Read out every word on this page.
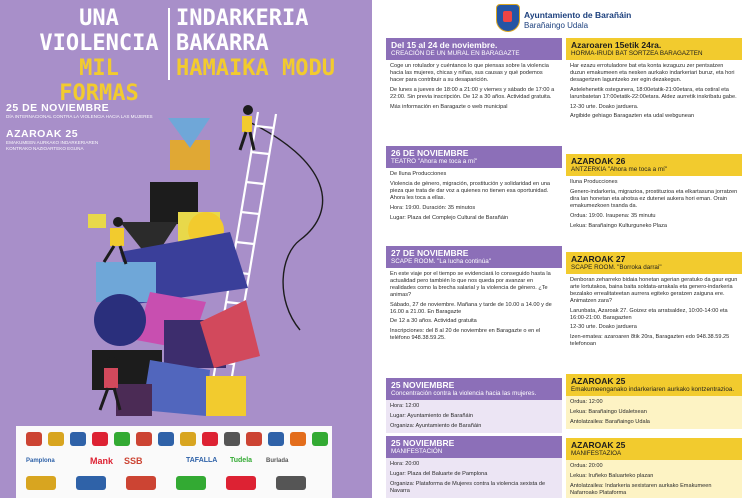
UNA
VIOLENCIA
MIL FORMAS
INDARKERIA
BAKARRA
HAMAIKA MODU
25 DE NOVIEMBRE
DÍA INTERNACIONAL CONTRA LA VIOLENCIA HACIA LAS MUJERES
AZAROAK 25
EMAKUMEEN AURKAKO INDARKERIAREN
KONTRAKO NAZIOARTEKO EGUNA
Pamplona	Mank SSB	TAFALLA Tudela Burlada
Ayuntamiento de Barañáin
Barañaingo Udala
Del 15 al 24 de noviembre.
CREACIÓN DE UN MURAL EN BARAGAZTE

Coge un rotulador y cuéntanos lo que piensas sobre la violencia hacia las mujeres, chicas y niñas, sus causas y qué podemos hacer para contribuir a su desaparición.

De lunes a jueves de 18:00 a 21:00 y viernes y sábado de 17:00 a 22:00. Sin previa inscripción. De 12 a 30 años. Actividad gratuita.

Más información en Baragazte o web municipal

26 DE NOVIEMBRE
TEATRO "Ahora me toca a mí"

De Iluna Producciones

Violencia de género, migración, prostitución y solidaridad en una pieza que trata de dar voz a quienes no tienen esa oportunidad. Ahora les toca a ellas.

Hora: 19:00. Duración: 35 minutos

Lugar: Plaza del Complejo Cultural de Barañáin

27 DE NOVIEMBRE
SCAPE ROOM. "La lucha continúa"

En este viaje por el tiempo se evidenciará lo conseguido hasta la actualidad pero también lo que nos queda por avanzar en realidades como la brecha salarial y la violencia de género. ¿Te animas?

Sábado, 27 de noviembre. Mañana y tarde de 10.00 a 14.00 y de 16.00 a 21.00. En Baragazte

De 12 a 30 años. Actividad gratuita

Inscripciones: del 8 al 20 de noviembre en Baragazte o en el teléfono 948.38.59.25.

25 NOVIEMBRE
Concentración contra la violencia hacia las mujeres.

Hora: 12:00

Lugar: Ayuntamiento de Barañáin

Organiza: Ayuntamiento de Barañáin

25 NOVIEMBRE
MANIFESTACIÓN

Hora: 20:00

Lugar: Plaza del Baluarte de Pamplona

Organiza: Plataforma de Mujeres contra la violencia sexista de Navarra

Azaroaren 15etik 24ra.
HORMA-IRUDI BAT SORTZEA BARAGAZTEN

Har ezazu errotuladore bat eta konta iezaguzu zer pentsatzen duzun emakumeen eta nesken aurkako indarkeriari buruz, eta hori desagertzen laguntzeko zer egin dezakegun.

Astelehenetik ostegunera, 18:00etatik-21:00etara, eta ostiral eta larunbatetan 17:00etatik-22:00etara. Aldez aurretik inskribatu gabe.

12-30 urte. Doako jarduera.

Argibide gehiago Baragazten eta udal webgunean

AZAROAK 26
ANTZERKIA "Ahora me toca a mí"

Iluna Producciones

Genero-indarkeria, migrazioa, prostituzioa eta elkartasuna jorratzen dira lan honetan eta ahotsa ez dutenei aukera hori eman. Orain emakumezkoen txanda da.

Ordua: 19:00. Iraupena: 35 minutu

Lekua: Barañaingo Kulturguneko Plaza

AZAROAK 27
SCAPE ROOM. "Borroka darrai"

Denboran zeharreko bidaia honetan agerian geratuko da gaur egun arte lortutakoa, baina baita soldata-arrakala eta genero-indarkeria bezalako errealitateetan aurrera egiteko geratzen zaiguna ere. Animatzen zara?

Larunbata, Azaroak 27. Goizez eta arratsaldez, 10:00-14:00 eta 16:00-21:00. Baragazten

12-30 urte. Doako jarduera

Izen-ematea: azaroaren 8tik 20ra, Baragazten edo 948.38.59.25 telefonoan

AZAROAK 25
Emakumeenganako indarkeriaren aurkako kontzentrazioa.

Ordua: 12:00

Lekua: Barañaingo Udaletxean

Antolatzailea: Barañaingo Udala

AZAROAK 25
MANIFESTAZIOA

Ordua: 20:00

Lekua: Iruñeko Baluarteko plazan

Antolatzailea: Indarkeria sexistaren aurkako Emakumeen Nafarroako Plataforma
